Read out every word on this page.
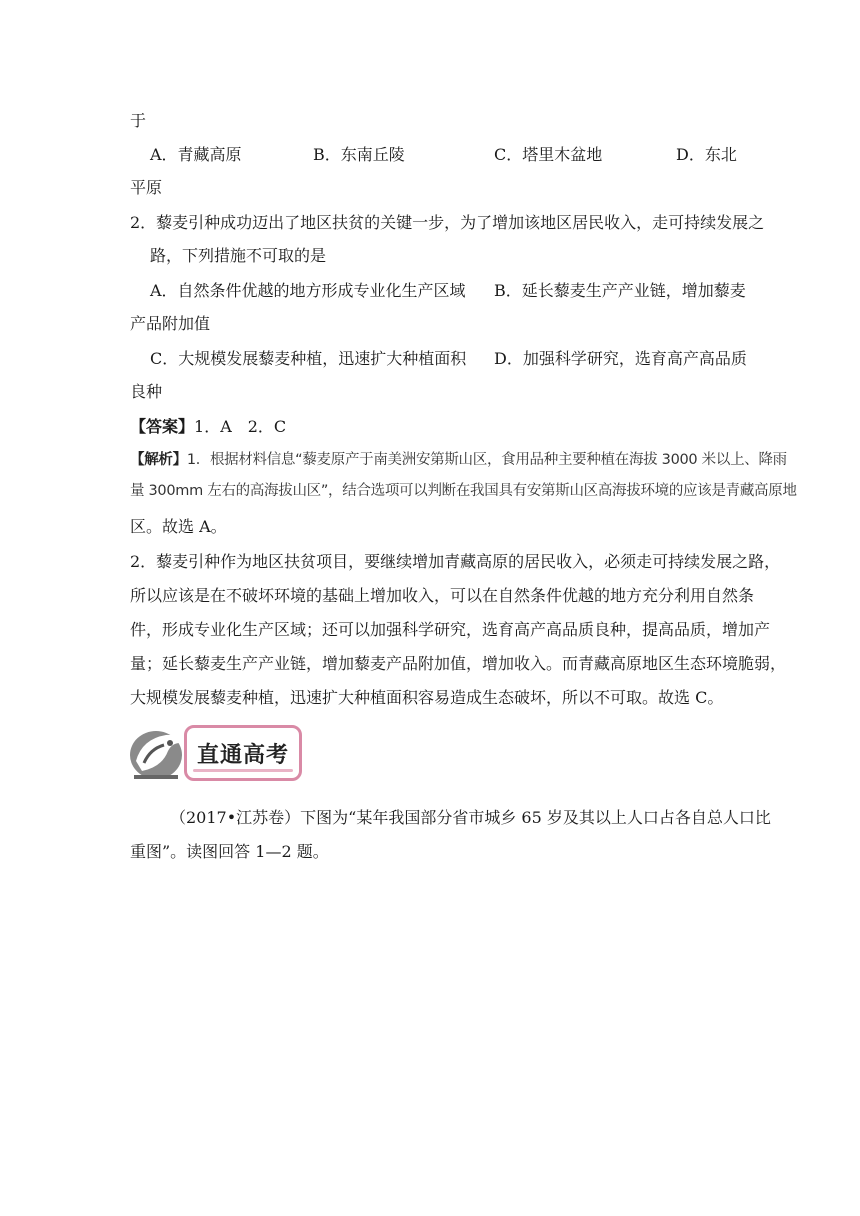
于
A．青藏高原	B．东南丘陵	C．塔里木盆地	D．东北
平原
2．藜麦引种成功迈出了地区扶贫的关键一步，为了增加该地区居民收入，走可持续发展之
路，下列措施不可取的是
A．自然条件优越的地方形成专业化生产区域 B．延长藜麦生产产业链，增加藜麦
产品附加值
C．大规模发展藜麦种植，迅速扩大种植面积 D．加强科学研究，选育高产高品质
良种
【答案】1．A　2．C
【解析】1．根据材料信息“藜麦原产于南美洲安第斯山区，食用品种主要种植在海拔 3000 米以上、降雨
量 300mm 左右的高海拔山区”，结合选项可以判断在我国具有安第斯山区高海拔环境的应该是青藏高原地
区。故选 A。
2．藜麦引种作为地区扶贫项目，要继续增加青藏高原的居民收入，必须走可持续发展之路，
所以应该是在不破坏环境的基础上增加收入，可以在自然条件优越的地方充分利用自然条
件，形成专业化生产区域；还可以加强科学研究，选育高产高品质良种，提高品质，增加产
量；延长藜麦生产产业链，增加藜麦产品附加值，增加收入。而青藏高原地区生态环境脆弱，
大规模发展藜麦种植，迅速扩大种植面积容易造成生态破坏，所以不可取。故选 C。
直通高考
（2017•江苏卷）下图为“某年我国部分省市城乡 65 岁及其以上人口占各自总人口比
重图”。读图回答 1—2 题。
